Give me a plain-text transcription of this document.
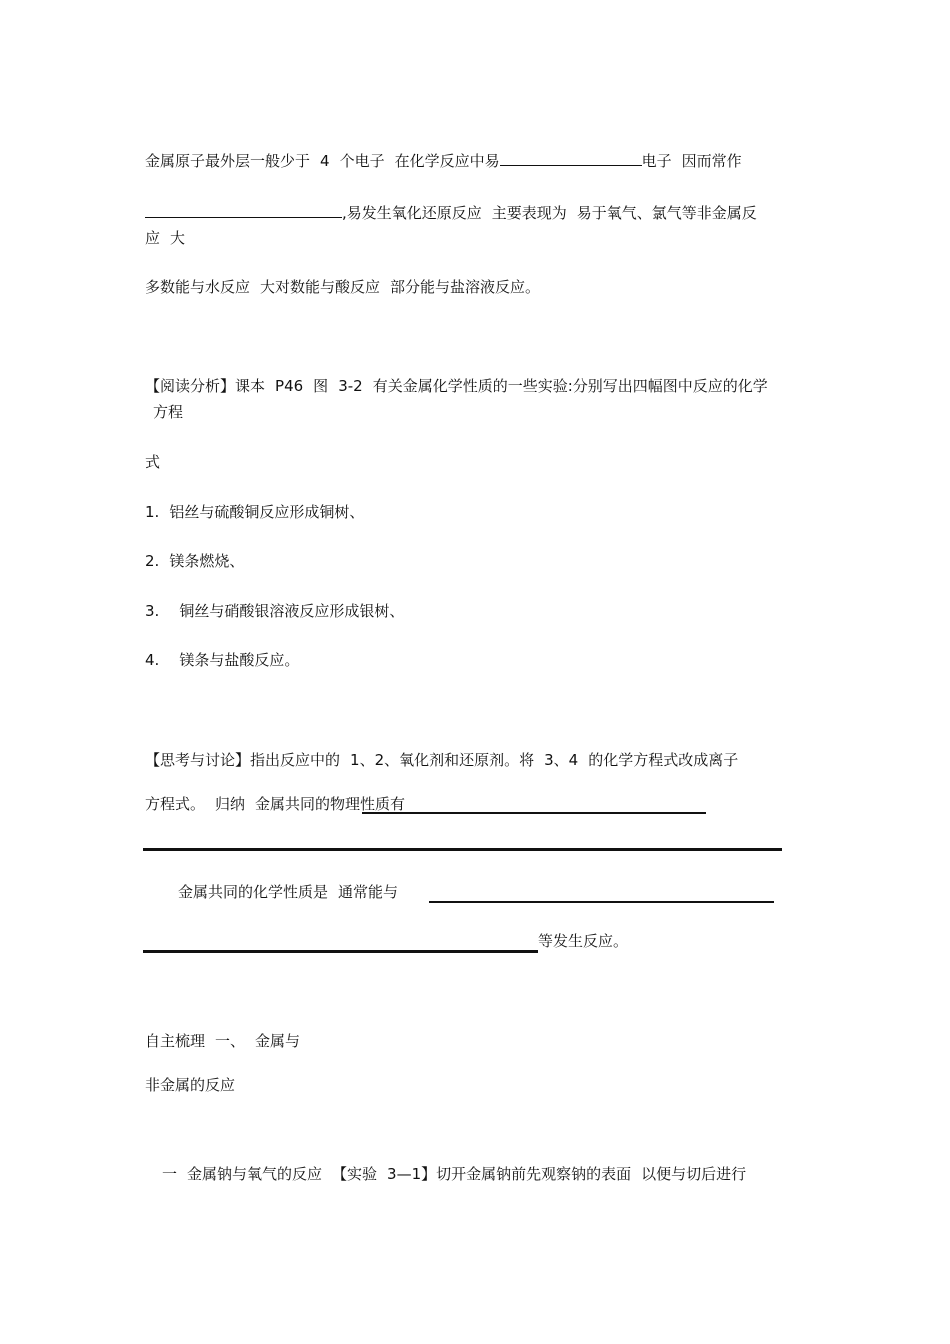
金属原子最外层一般少于 4 个电子 在化学反应中易	电子 因而常作
,易发生氧化还原反应 主要表现为 易于氧气、氯气等非金属反
应 大
多数能与水反应 大对数能与酸反应 部分能与盐溶液反应。
【阅读分析】课本 P46 图 3-2 有关金属化学性质的一些实验:分别写出四幅图中反应的化学
方程
式
1. 铝丝与硫酸铜反应形成铜树、
2. 镁条燃烧、
3. 铜丝与硝酸银溶液反应形成银树、
4. 镁条与盐酸反应。
【思考与讨论】指出反应中的 1、2、氧化剂和还原剂。将 3、4 的化学方程式改成离子
方程式。 归纳 金属共同的物理性质有
金属共同的化学性质是 通常能与
等发生反应。
自主梳理 一、 金属与
非金属的反应
一 金属钠与氧气的反应 【实验 3—1】切开金属钠前先观察钠的表面 以便与切后进行
